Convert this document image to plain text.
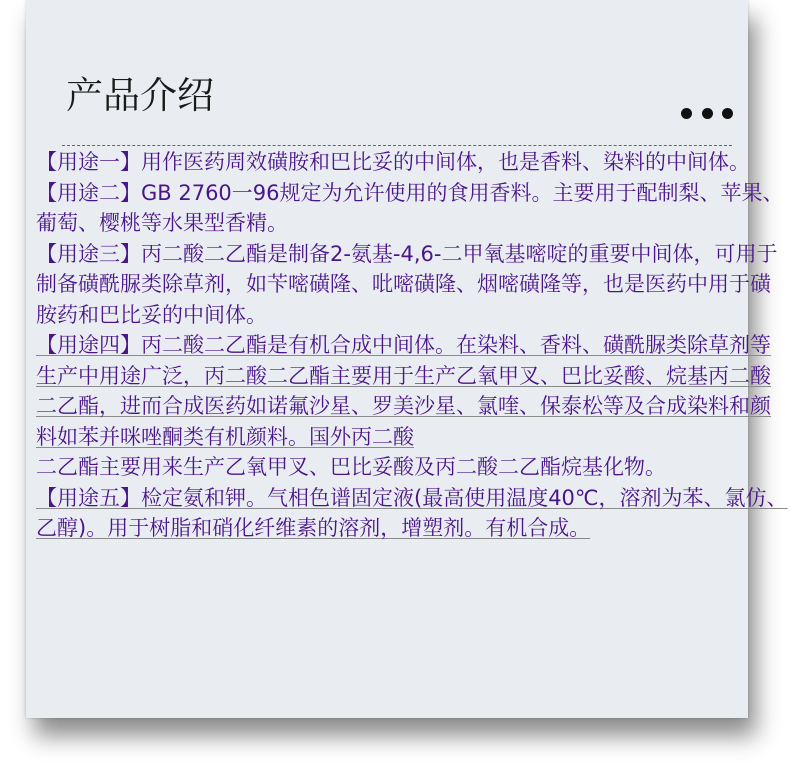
产品介绍

【用途一】用作医药周效磺胺和巴比妥的中间体，也是香料、染料的中间体。

【用途二】GB 2760一96规定为允许使用的食用香料。主要用于配制梨、苹果、葡萄、樱桃等水果型香精。

【用途三】丙二酸二乙酯是制备2-氨基-4,6-二甲氧基嘧啶的重要中间体，可用于制备磺酰脲类除草剂，如苄嘧磺隆、吡嘧磺隆、烟嘧磺隆等，也是医药中用于磺胺药和巴比妥的中间体。

【用途四】丙二酸二乙酯是有机合成中间体。在染料、香料、磺酰脲类除草剂等生产中用途广泛，丙二酸二乙酯主要用于生产乙氧甲叉、巴比妥酸、烷基丙二酸二乙酯，进而合成医药如诺氟沙星、罗美沙星、氯喹、保泰松等及合成染料和颜料如苯并咪唑酮类有机颜料。国外丙二酸

二乙酯主要用来生产乙氧甲叉、巴比妥酸及丙二酸二乙酯烷基化物。

【用途五】检定氨和钾。气相色谱固定液(最高使用温度40℃，溶剂为苯、氯仿、乙醇)。用于树脂和硝化纤维素的溶剂，增塑剂。有机合成。
